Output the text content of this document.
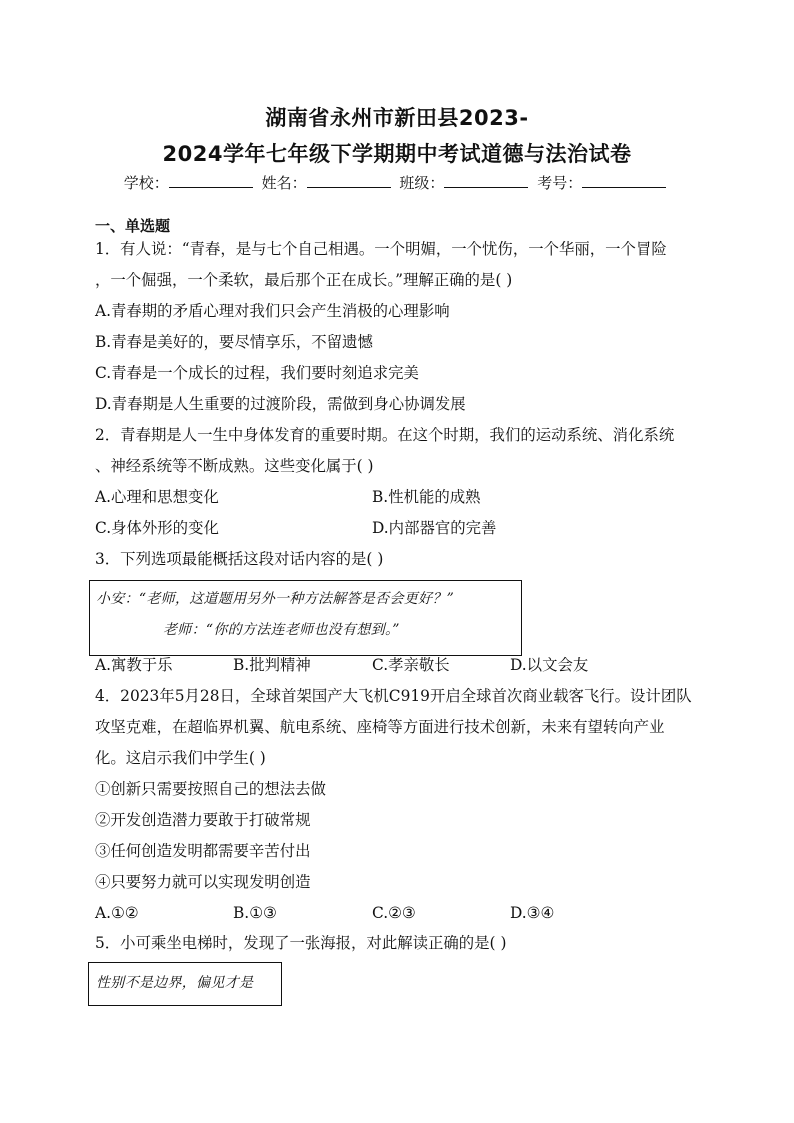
湖南省永州市新田县2023-
2024学年七年级下学期期中考试道德与法治试卷
学校：	姓名：	班级：	考号：
一、单选题
1．有人说：“青春，是与七个自己相遇。一个明媚，一个忧伤，一个华丽，一个冒险
，一个倔强，一个柔软，最后那个正在成长。”理解正确的是( )
A.青春期的矛盾心理对我们只会产生消极的心理影响
B.青春是美好的，要尽情享乐，不留遗憾
C.青春是一个成长的过程，我们要时刻追求完美
D.青春期是人生重要的过渡阶段，需做到身心协调发展
2．青春期是人一生中身体发育的重要时期。在这个时期，我们的运动系统、消化系统
、神经系统等不断成熟。这些变化属于( )
A.心理和思想变化	B.性机能的成熟
C.身体外形的变化	D.内部器官的完善
3．下列选项最能概括这段对话内容的是( )
小安：“老师，这道题用另外一种方法解答是否会更好？”
老师：“你的方法连老师也没有想到。”
A.寓教于乐	B.批判精神	C.孝亲敬长	D.以文会友
4．2023年5月28日，全球首架国产大飞机C919开启全球首次商业载客飞行。设计团队
攻坚克难，在超临界机翼、航电系统、座椅等方面进行技术创新，未来有望转向产业
化。这启示我们中学生( )
①创新只需要按照自己的想法去做
②开发创造潜力要敢于打破常规
③任何创造发明都需要辛苦付出
④只要努力就可以实现发明创造
A.①②	B.①③	C.②③	D.③④
5．小可乘坐电梯时，发现了一张海报，对此解读正确的是( )
性别不是边界，偏见才是
